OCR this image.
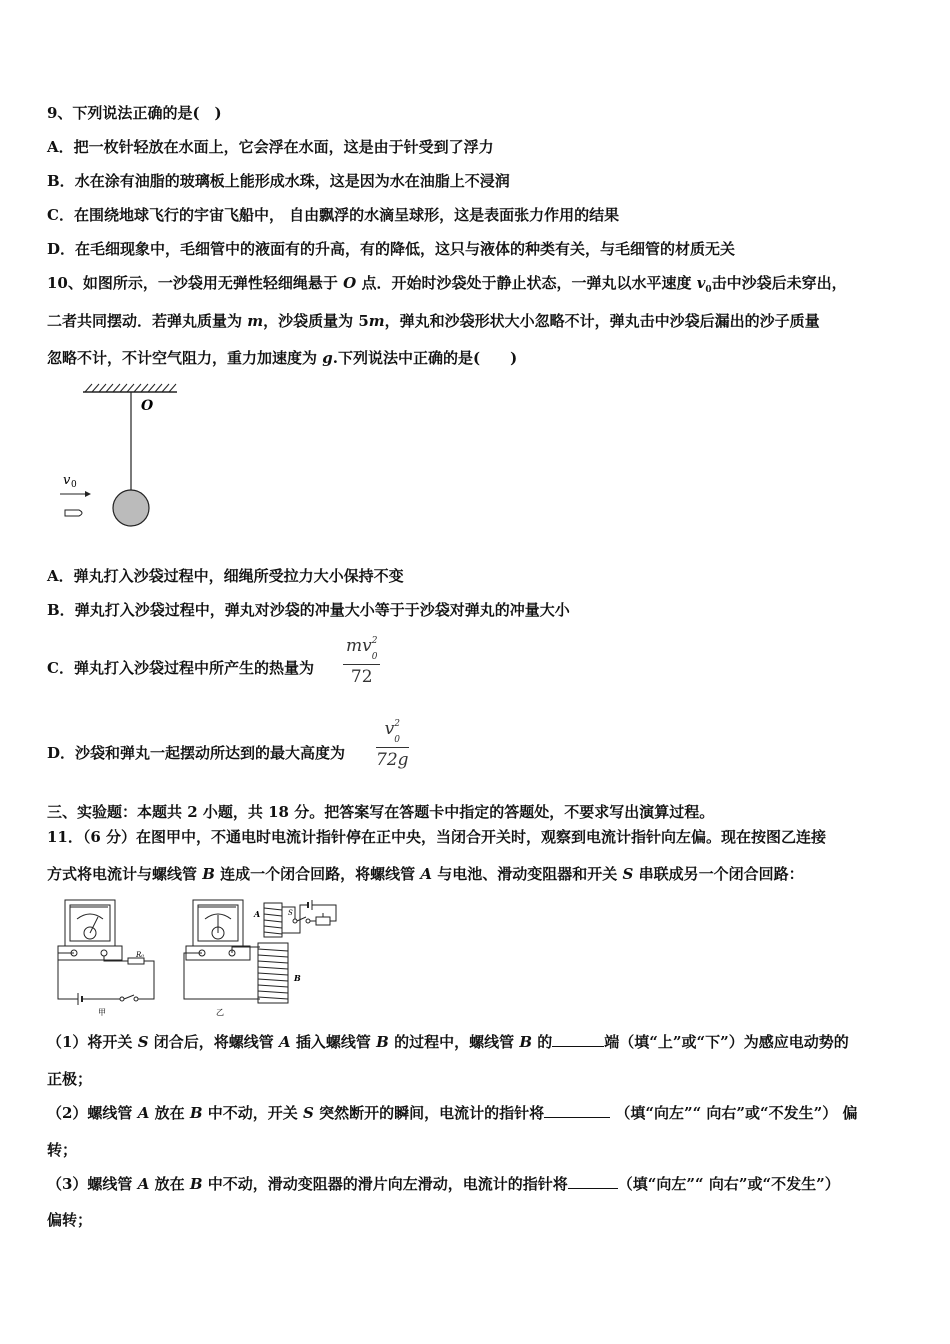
9、下列说法正确的是(　)
A．把一枚针轻放在水面上，它会浮在水面，这是由于针受到了浮力
B．水在涂有油脂的玻璃板上能形成水珠，这是因为水在油脂上不浸润
C．在围绕地球飞行的宇宙飞船中， 自由飘浮的水滴呈球形，这是表面张力作用的结果
D．在毛细现象中，毛细管中的液面有的升高，有的降低，这只与液体的种类有关，与毛细管的材质无关
10、如图所示，一沙袋用无弹性轻细绳悬于 O 点．开始时沙袋处于静止状态，一弹丸以水平速度 $v_0$击中沙袋后未穿出，
二者共同摆动．若弹丸质量为 m，沙袋质量为 5m，弹丸和沙袋形状大小忽略不计，弹丸击中沙袋后漏出的沙子质量
忽略不计，不计空气阻力，重力加速度为 g.下列说法中正确的是(　　)
O
v 0
A．弹丸打入沙袋过程中，细绳所受拉力大小保持不变
B．弹丸打入沙袋过程中，弹丸对沙袋的冲量大小等于于沙袋对弹丸的冲量大小
C．弹丸打入沙袋过程中所产生的热量为 mv 2
$_0$
72
D．沙袋和弹丸一起摆动所达到的最大高度为 v 2
$_0$
72g
三、实验题：本题共 2 小题，共 18 分。把答案写在答题卡中指定的答题处，不要求写出演算过程。
11．（6 分）在图甲中，不通电时电流计指针停在正中央，当闭合开关时，观察到电流计指针向左偏。现在按图乙连接
方式将电流计与螺线管 B 连成一个闭合回路，将螺线管 A 与电池、滑动变阻器和开关 S 串联成另一个闭合回路：
R₀
甲
A
B
S
乙
（1）将开关 S 闭合后，将螺线管 A 插入螺线管 B 的过程中，螺线管 B 的	端（填“上”或“下”）为感应电动势的
正极；
（2）螺线管 A 放在 B 中不动，开关 S 突然断开的瞬间，电流计的指针将	（填“向左”“ 向右”或“不发生”） 偏
转；
（3）螺线管 A 放在 B 中不动，滑动变阻器的滑片向左滑动，电流计的指针将	（填“向左”“ 向右”或“不发生”）
偏转；
